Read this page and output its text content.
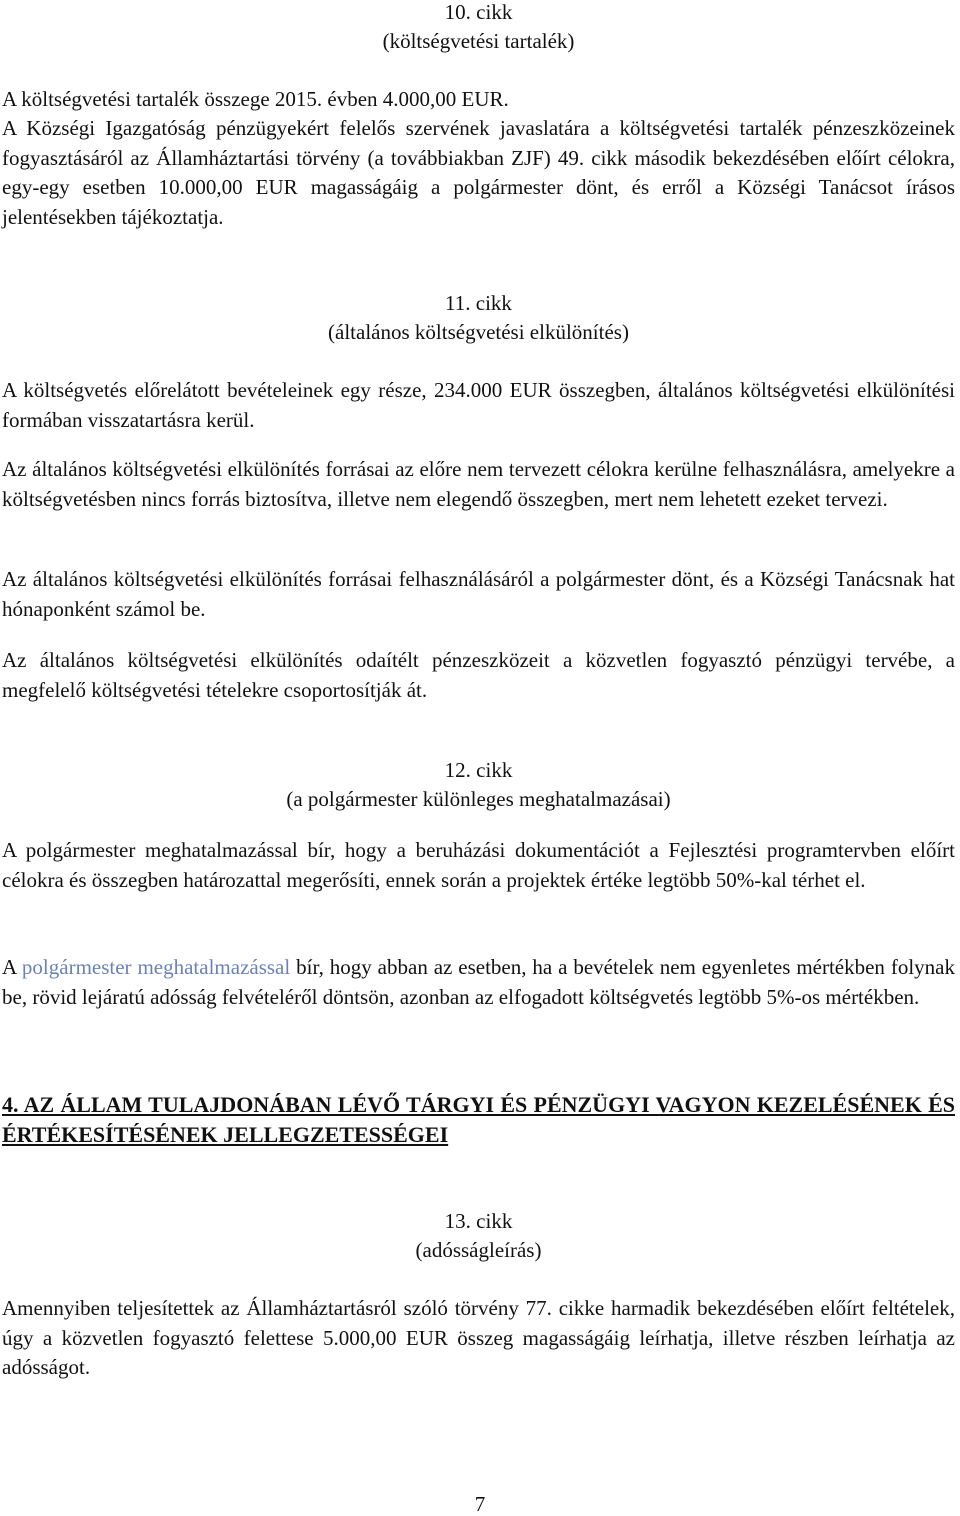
10. cikk
(költségvetési tartalék)
A költségvetési tartalék összege 2015. évben 4.000,00 EUR.
A Községi Igazgatóság pénzügyekért felelős szervének javaslatára a költségvetési tartalék pénzeszközeinek fogyasztásáról az Államháztartási törvény (a továbbiakban ZJF) 49. cikk második bekezdésében előírt célokra, egy-egy esetben 10.000,00 EUR magasságáig a polgármester dönt, és erről a Községi Tanácsot írásos jelentésekben tájékoztatja.
11. cikk
(általános költségvetési elkülönítés)
A költségvetés előrelátott bevételeinek egy része, 234.000 EUR összegben, általános költségvetési elkülönítési formában visszatartásra kerül.
Az általános költségvetési elkülönítés forrásai az előre nem tervezett célokra kerülne felhasználásra, amelyekre a költségvetésben nincs forrás biztosítva, illetve nem elegendő összegben, mert nem lehetett ezeket tervezi.
Az általános költségvetési elkülönítés forrásai felhasználásáról a polgármester dönt, és a Községi Tanácsnak hat hónaponként számol be.
Az általános költségvetési elkülönítés odaítélt pénzeszközeit a közvetlen fogyasztó pénzügyi tervébe, a megfelelő költségvetési tételekre csoportosítják át.
12. cikk
(a polgármester különleges meghatalmazásai)
A polgármester meghatalmazással bír, hogy a beruházási dokumentációt a Fejlesztési programtervben előírt célokra és összegben határozattal megerősíti, ennek során a projektek értéke legtöbb 50%-kal térhet el.
A polgármester meghatalmazással bír, hogy abban az esetben, ha a bevételek nem egyenletes mértékben folynak be, rövid lejáratú adósság felvételéről döntsön, azonban az elfogadott költségvetés legtöbb 5%-os mértékben.
4. AZ ÁLLAM TULAJDONÁBAN LÉVŐ TÁRGYI ÉS PÉNZÜGYI VAGYON KEZELÉSÉNEK ÉS ÉRTÉKESÍTÉSÉNEK JELLEGZETESSÉGEI
13. cikk
(adósságleírás)
Amennyiben teljesítettek az Államháztartásról szóló törvény 77. cikke harmadik bekezdésében előírt feltételek, úgy a közvetlen fogyasztó felettese 5.000,00 EUR összeg magasságáig leírhatja, illetve részben leírhatja az adósságot.
7
